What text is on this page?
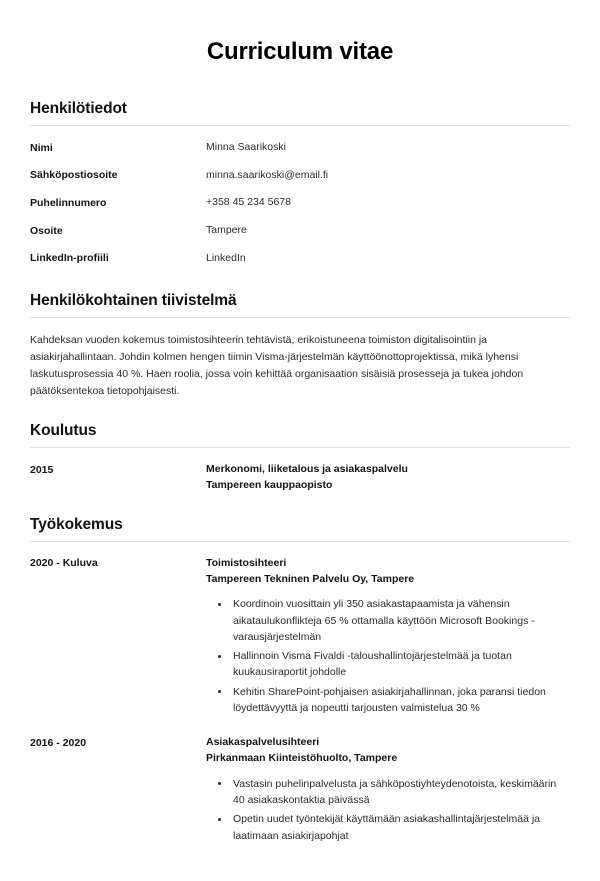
Curriculum vitae
Henkilötiedot
Nimi	Minna Saarikoski
Sähköpostiosoite	minna.saarikoski@email.fi
Puhelinnumero	+358 45 234 5678
Osoite	Tampere
LinkedIn-profiili	LinkedIn
Henkilökohtainen tiivistelmä

Kahdeksan vuoden kokemus toimistosihteerin tehtävistä, erikoistuneena toimiston digitalisointiin ja asiakirjahallintaan. Johdin kolmen hengen tiimin Visma-järjestelmän käyttöönottoprojektissa, mikä lyhensi laskutusprosessia 40 %. Haen roolia, jossa voin kehittää organisaation sisäisiä prosesseja ja tukea johdon päätöksentekoa tietopohjaisesti.

Koulutus
2015	Merkonomi, liiketalous ja asiakaspalvelu
Tampereen kauppaopisto
Työkokemus
2020 - Kuluva	Toimistosihteeri
Tampereen Tekninen Palvelu Oy, Tampere
Koordinoin vuosittain yli 350 asiakastapaamista ja vähensin aikataulukonflikteja 65 % ottamalla käyttöön Microsoft Bookings -varausjärjestelmän
Hallinnoin Visma Fivaldi -taloushallintojärjestelmää ja tuotan kuukausiraportit johdolle
Kehitin SharePoint-pohjaisen asiakirjahallinnan, joka paransi tiedon löydettävyyttä ja nopeutti tarjousten valmistelua 30 %
2016 - 2020	Asiakaspalvelusihteeri
Pirkanmaan Kiinteistöhuolto, Tampere
Vastasin puhelinpalvelusta ja sähköpostiyhteydenotoista, keskimäärin 40 asiakaskontaktia päivässä
Opetin uudet työntekijät käyttämään asiakashallintajärjestelmää ja laatimaan asiakirjapohjat
